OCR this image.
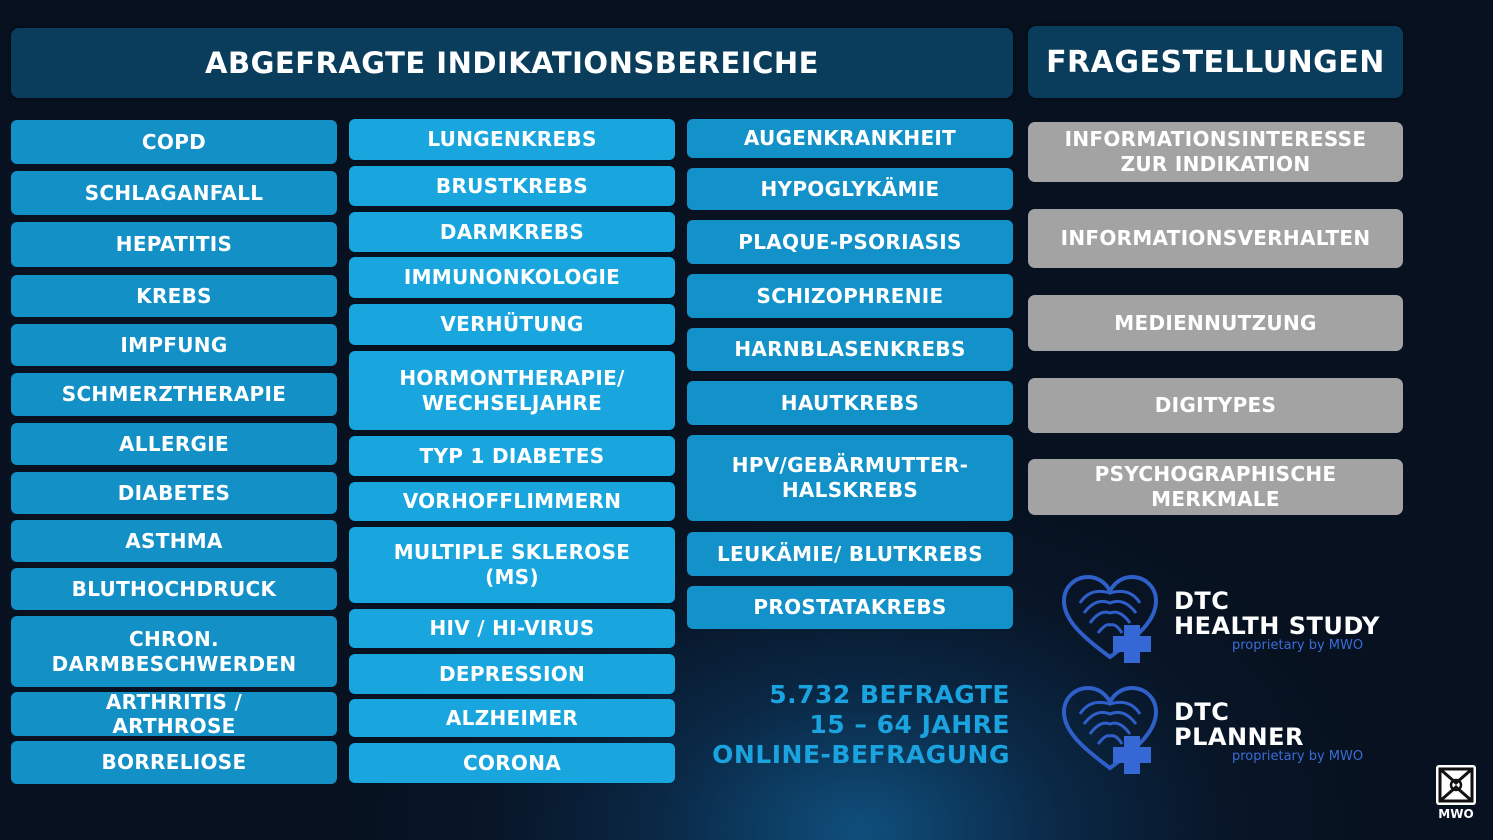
ABGEFRAGTE INDIKATIONSBEREICHE	FRAGESTELLUNGEN
COPD
SCHLAGANFALL
HEPATITIS
KREBS
IMPFUNG
SCHMERZTHERAPIE
ALLERGIE
DIABETES
ASTHMA
BLUTHOCHDRUCK
CHRON.
DARMBESCHWERDEN
ARTHRITIS /
ARTHROSE
BORRELIOSE
LUNGENKREBS
BRUSTKREBS
DARMKREBS
IMMUNONKOLOGIE
VERHÜTUNG
HORMONTHERAPIE/
WECHSELJAHRE
TYP 1 DIABETES
VORHOFFLIMMERN
MULTIPLE SKLEROSE
(MS)
HIV / HI-VIRUS
DEPRESSION
ALZHEIMER
CORONA
AUGENKRANKHEIT
HYPOGLYKÄMIE
PLAQUE-PSORIASIS
SCHIZOPHRENIE
HARNBLASENKREBS
HAUTKREBS
HPV/GEBÄRMUTTER-
HALSKREBS
LEUKÄMIE/ BLUTKREBS
PROSTATAKREBS
INFORMATIONSINTERESSE
ZUR INDIKATION
INFORMATIONSVERHALTEN
MEDIENNUTZUNG
DIGITYPES
PSYCHOGRAPHISCHE
MERKMALE
5.732 BEFRAGTE
15 – 64 JAHRE
ONLINE-BEFRAGUNG
DTC
HEALTH STUDY
proprietary by MWO
DTC
PLANNER
proprietary by MWO
MWO
